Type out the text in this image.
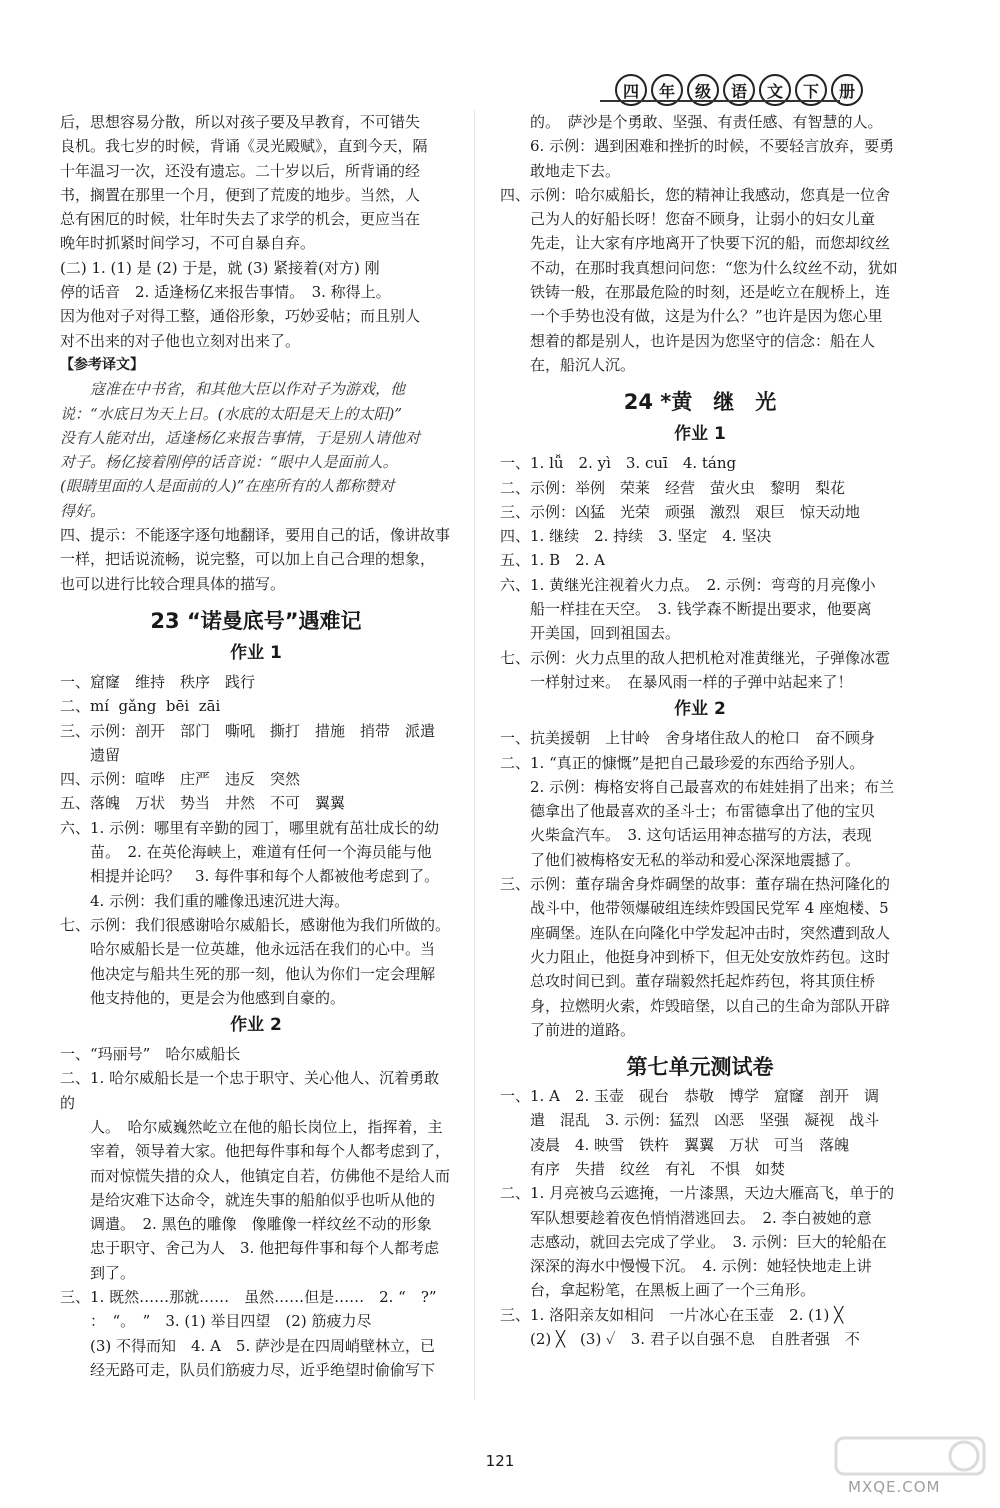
四	年	级	语	文	下	册
后，思想容易分散，所以对孩子要及早教育，不可错失
良机。我七岁的时候，背诵《灵光殿赋》，直到今天，隔
十年温习一次，还没有遗忘。二十岁以后，所背诵的经
书，搁置在那里一个月，便到了荒废的地步。当然，人
总有困厄的时候，壮年时失去了求学的机会，更应当在
晚年时抓紧时间学习，不可自暴自弃。
(二) 1. (1) 是 (2) 于是，就 (3) 紧接着(对方) 刚
停的话音　2. 适逢杨亿来报告事情。　3. 称得上。
因为他对子对得工整，通俗形象，巧妙妥帖；而且别人
对不出来的对子他也立刻对出来了。
【参考译文】
　　寇准在中书省，和其他大臣以作对子为游戏，他
说：“水底日为天上日。(水底的太阳是天上的太阳)”
没有人能对出，适逢杨亿来报告事情，于是别人请他对
对子。杨亿接着刚停的话音说：“眼中人是面前人。
(眼睛里面的人是面前的人)”在座所有的人都称赞对
得好。
四、提示：不能逐字逐句地翻译，要用自己的话，像讲故事
一样，把话说流畅，说完整，可以加上自己合理的想象，
也可以进行比较合理具体的描写。
23 “诺曼底号”遇难记
作业 1
一、窟窿　维持　秩序　践行
二、mí  gǎng  bēi  zāi
三、示例：剖开　部门　嘶吼　撕打　措施　捎带　派遣
　　遗留
四、示例：喧哗　庄严　违反　突然
五、落魄　万状　势当　井然　不可　翼翼
六、1. 示例：哪里有辛勤的园丁，哪里就有茁壮成长的幼
　　苗。　2. 在英伦海峡上，难道有任何一个海员能与他
　　相提并论吗？　3. 每件事和每个人都被他考虑到了。
　　4. 示例：我们重的雕像迅速沉进大海。
七、示例：我们很感谢哈尔威船长，感谢他为我们所做的。
　　哈尔威船长是一位英雄，他永远活在我们的心中。当
　　他决定与船共生死的那一刻，他认为你们一定会理解
　　他支持他的，更是会为他感到自豪的。
作业 2
一、“玛丽号”　哈尔威船长
二、1. 哈尔威船长是一个忠于职守、关心他人、沉着勇敢的
　　人。　哈尔威巍然屹立在他的船长岗位上，指挥着，主
　　宰着，领导着大家。他把每件事和每个人都考虑到了，
　　而对惊慌失措的众人，他镇定自若，仿佛他不是给人而
　　是给灾难下达命令，就连失事的船舶似乎也听从他的
　　调遣。　2. 黑色的雕像　像雕像一样纹丝不动的形象
　　忠于职守、舍己为人　3. 他把每件事和每个人都考虑
　　到了。
三、1. 既然……那就……　虽然……但是……　2. “　?”
　　：　“。　”　3. (1) 举目四望　(2) 筋疲力尽
　　(3) 不得而知　4. A　5. 萨沙是在四周峭壁林立，已
　　经无路可走，队员们筋疲力尽，近乎绝望时偷偷写下
　　的。　萨沙是个勇敢、坚强、有责任感、有智慧的人。
　　6. 示例：遇到困难和挫折的时候，不要轻言放弃，要勇
　　敢地走下去。
四、示例：哈尔威船长，您的精神让我感动，您真是一位舍
　　己为人的好船长呀！您奋不顾身，让弱小的妇女儿童
　　先走，让大家有序地离开了快要下沉的船，而您却纹丝
　　不动，在那时我真想问问您：“您为什么纹丝不动，犹如
　　铁铸一般，在那最危险的时刻，还是屹立在舰桥上，连
　　一个手势也没有做，这是为什么？”也许是因为您心里
　　想着的都是别人，也许是因为您坚守的信念：船在人
　　在，船沉人沉。
24 *黄　继　光
作业 1
一、1. lǚ　2. yì　3. cuī　4. táng
二、示例：举例　荣莱　经营　萤火虫　黎明　梨花
三、示例：凶猛　光荣　顽强　激烈　艰巨　惊天动地
四、1. 继续　2. 持续　3. 坚定　4. 坚决
五、1. B　2. A
六、1. 黄继光注视着火力点。　2. 示例：弯弯的月亮像小
　　船一样挂在天空。　3. 钱学森不断提出要求，他要离
　　开美国，回到祖国去。
七、示例：火力点里的敌人把机枪对准黄继光，子弹像冰雹
　　一样射过来。　在暴风雨一样的子弹中站起来了！
作业 2
一、抗美援朝　上甘岭　舍身堵住敌人的枪口　奋不顾身
二、1. “真正的慷慨”是把自己最珍爱的东西给予别人。
　　2. 示例：梅格安将自己最喜欢的布娃娃捐了出来；布兰
　　德拿出了他最喜欢的圣斗士；布雷德拿出了他的宝贝
　　火柴盒汽车。　3. 这句话运用神态描写的方法，表现
　　了他们被梅格安无私的举动和爱心深深地震撼了。
三、示例：董存瑞舍身炸碉堡的故事：董存瑞在热河隆化的
　　战斗中，他带领爆破组连续炸毁国民党军 4 座炮楼、5
　　座碉堡。连队在向隆化中学发起冲击时，突然遭到敌人
　　火力阻止，他挺身冲到桥下，但无处安放炸药包。这时
　　总攻时间已到。董存瑞毅然托起炸药包，将其顶住桥
　　身，拉燃明火索，炸毁暗堡，以自己的生命为部队开辟
　　了前进的道路。
第七单元测试卷
一、1. A　2. 玉壶　砚台　恭敬　博学　窟窿　剖开　调
　　遣　混乱　3. 示例：猛烈　凶恶　坚强　凝视　战斗
　　凌晨　4. 映雪　铁杵　翼翼　万状　可当　落魄
　　有序　失措　纹丝　有礼　不惧　如焚
二、1. 月亮被乌云遮掩，一片漆黑，天边大雁高飞，单于的
　　军队想要趁着夜色悄悄潜逃回去。　2. 李白被她的意
　　志感动，就回去完成了学业。　3. 示例：巨大的轮船在
　　深深的海水中慢慢下沉。　4. 示例：她轻快地走上讲
　　台，拿起粉笔，在黑板上画了一个三角形。
三、1. 洛阳亲友如相问　一片冰心在玉壶　2. (1) ╳
　　(2) ╳　(3) ✓　3. 君子以自强不息　自胜者强　不
121
MXQE.COM
